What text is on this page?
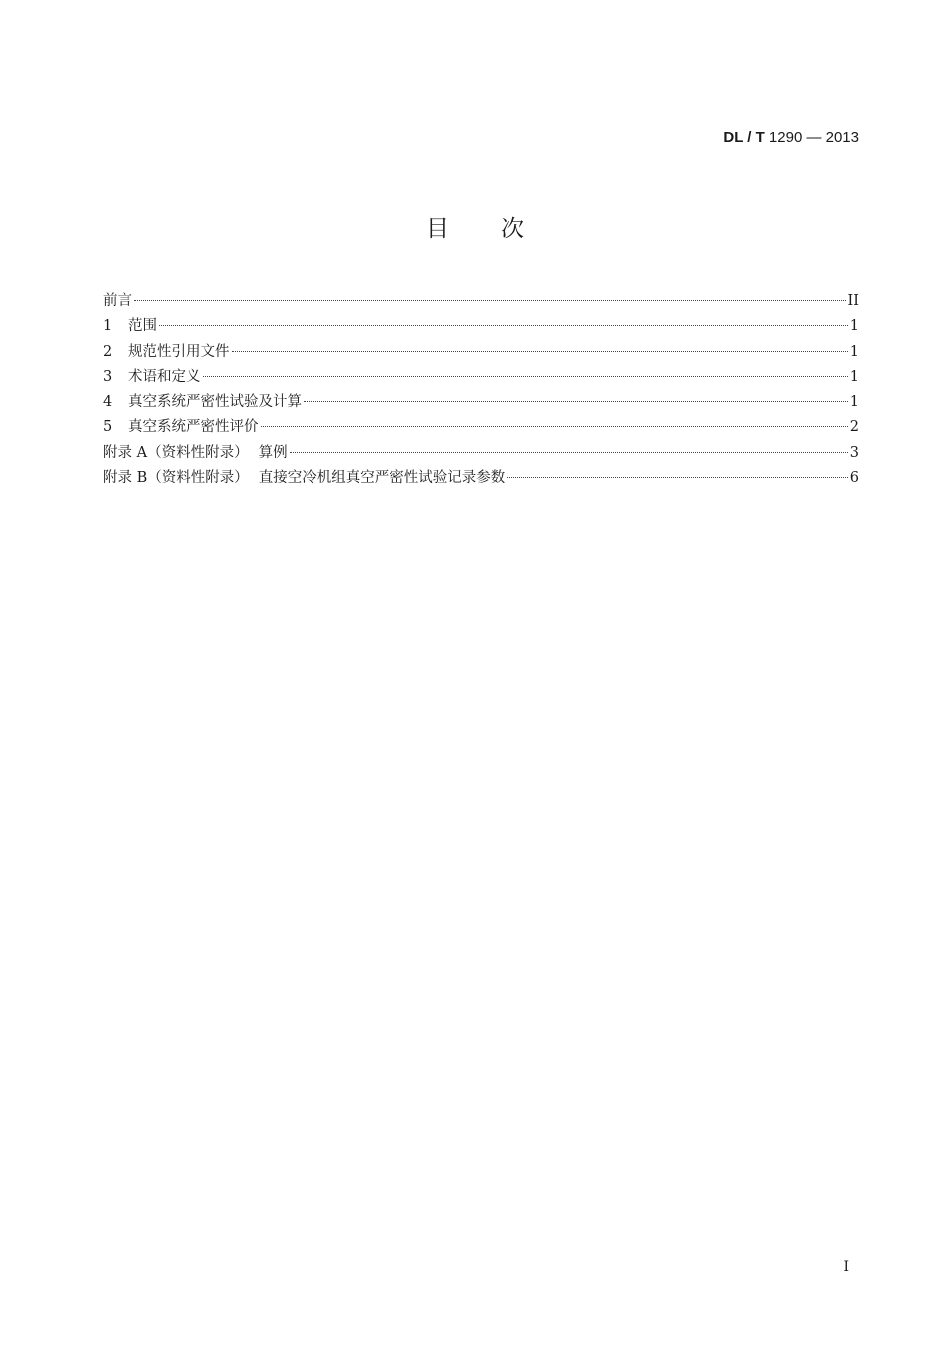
DL / T 1290 — 2013
目次
前言	II
1	范围	1
2	规范性引用文件	1
3	术语和定义	1
4	真空系统严密性试验及计算	1
5	真空系统严密性评价	2
附录 A（资料性附录） 算例	3
附录 B（资料性附录） 直接空冷机组真空严密性试验记录参数	6
I
